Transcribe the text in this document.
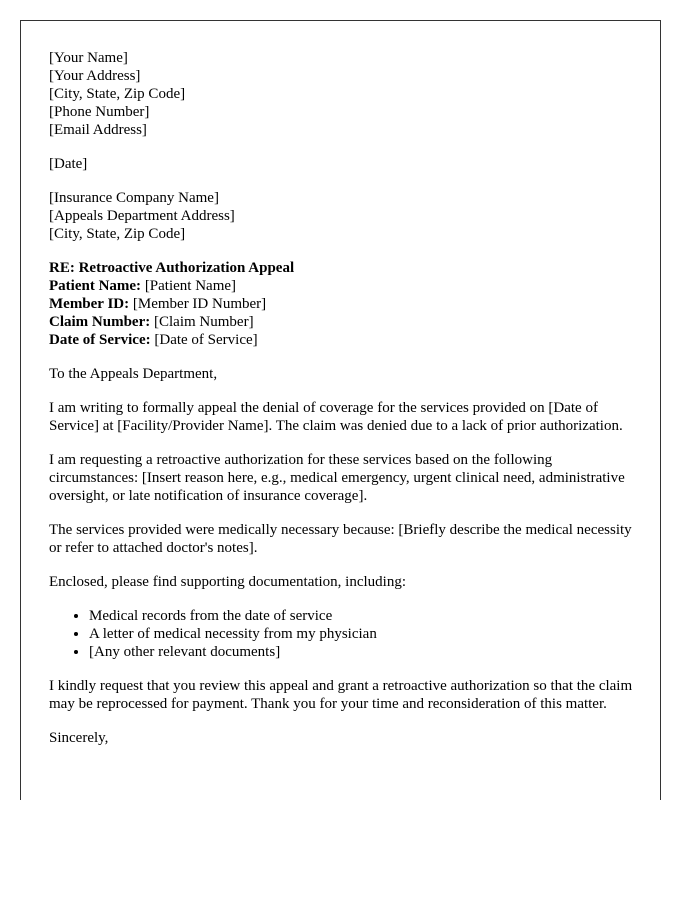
[Your Name]
[Your Address]
[City, State, Zip Code]
[Phone Number]
[Email Address]
[Date]
[Insurance Company Name]
[Appeals Department Address]
[City, State, Zip Code]
RE: Retroactive Authorization Appeal
Patient Name: [Patient Name]
Member ID: [Member ID Number]
Claim Number: [Claim Number]
Date of Service: [Date of Service]

To the Appeals Department,

I am writing to formally appeal the denial of coverage for the services provided on [Date of Service] at [Facility/Provider Name]. The claim was denied due to a lack of prior authorization.

I am requesting a retroactive authorization for these services based on the following circumstances: [Insert reason here, e.g., medical emergency, urgent clinical need, administrative oversight, or late notification of insurance coverage].

The services provided were medically necessary because: [Briefly describe the medical necessity or refer to attached doctor's notes].

Enclosed, please find supporting documentation, including:

• Medical records from the date of service
• A letter of medical necessity from my physician
• [Any other relevant documents]

I kindly request that you review this appeal and grant a retroactive authorization so that the claim may be reprocessed for payment. Thank you for your time and reconsideration of this matter.

Sincerely,
